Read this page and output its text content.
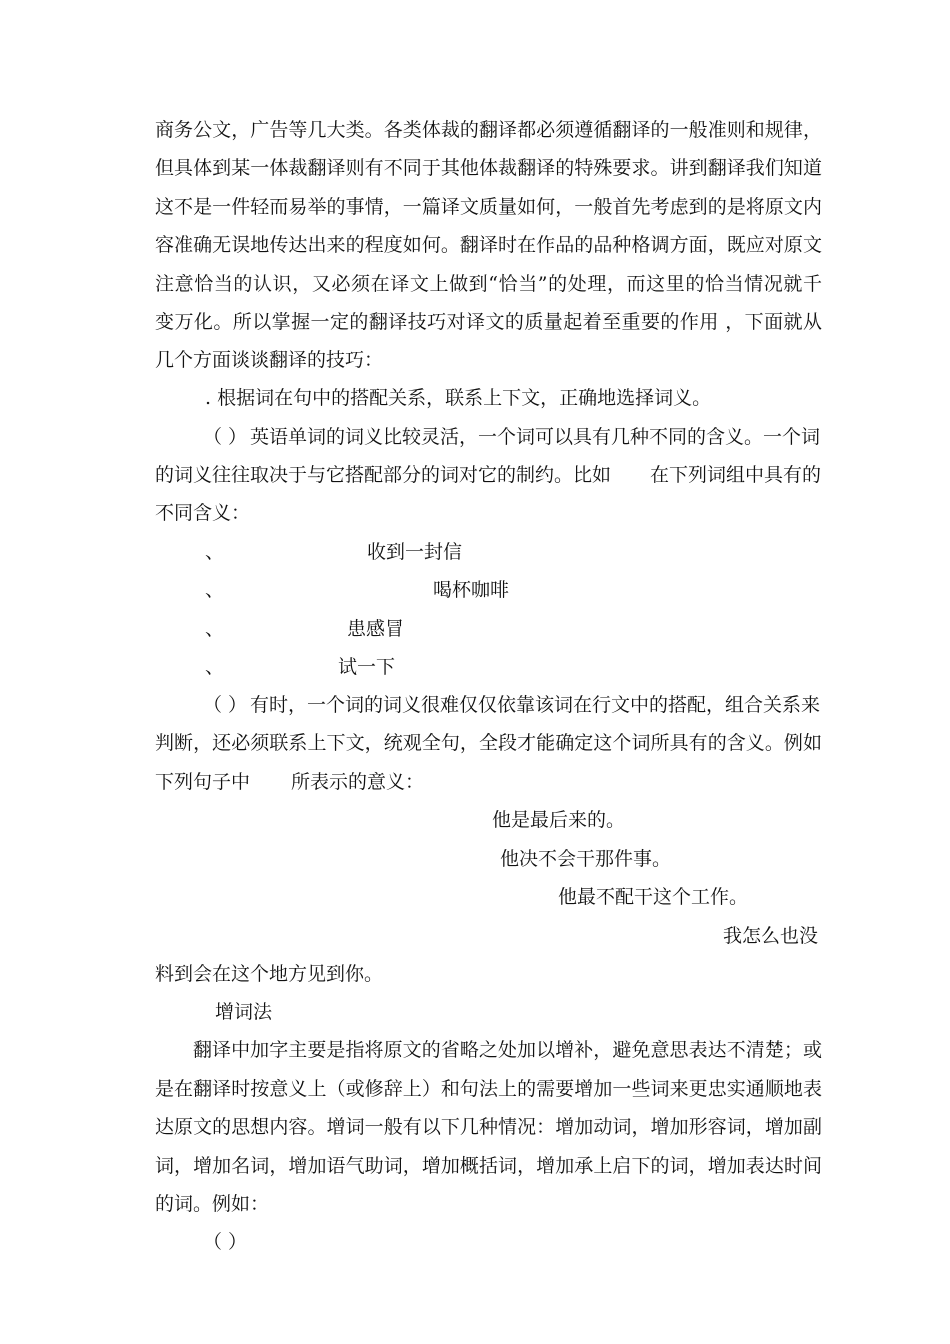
商务公文，广告等几大类。各类体裁的翻译都必须遵循翻译的一般准则和规律，
但具体到某一体裁翻译则有不同于其他体裁翻译的特殊要求。讲到翻译我们知道
这不是一件轻而易举的事情，一篇译文质量如何，一般首先考虑到的是将原文内
容准确无误地传达出来的程度如何。翻译时在作品的品种格调方面，既应对原文
注意恰当的认识，又必须在译文上做到“恰当”的处理，而这里的恰当情况就千
变万化。所以掌握一定的翻译技巧对译文的质量起着至重要的作用 ，下面就从
几个方面谈谈翻译的技巧：
. 根据词在句中的搭配关系，联系上下文，正确地选择词义。
（ ） 英语单词的词义比较灵活，一个词可以具有几种不同的含义。一个词
的词义往往取决于与它搭配部分的词对它的制约。比如 在下列词组中具有的
不同含义：
、	收到一封信
、	喝杯咖啡
、	患感冒
、	试一下
（ ） 有时，一个词的词义很难仅仅依靠该词在行文中的搭配，组合关系来
判断，还必须联系上下文，统观全句，全段才能确定这个词所具有的含义。例如
下列句子中 所表示的意义：
他是最后来的。
他决不会干那件事。
他最不配干这个工作。
我怎么也没
料到会在这个地方见到你。
增词法
翻译中加字主要是指将原文的省略之处加以增补，避免意思表达不清楚；或
是在翻译时按意义上（或修辞上）和句法上的需要增加一些词来更忠实通顺地表
达原文的思想内容。增词一般有以下几种情况：增加动词，增加形容词，增加副
词，增加名词，增加语气助词，增加概括词，增加承上启下的词，增加表达时间
的词。例如：
（ ）
